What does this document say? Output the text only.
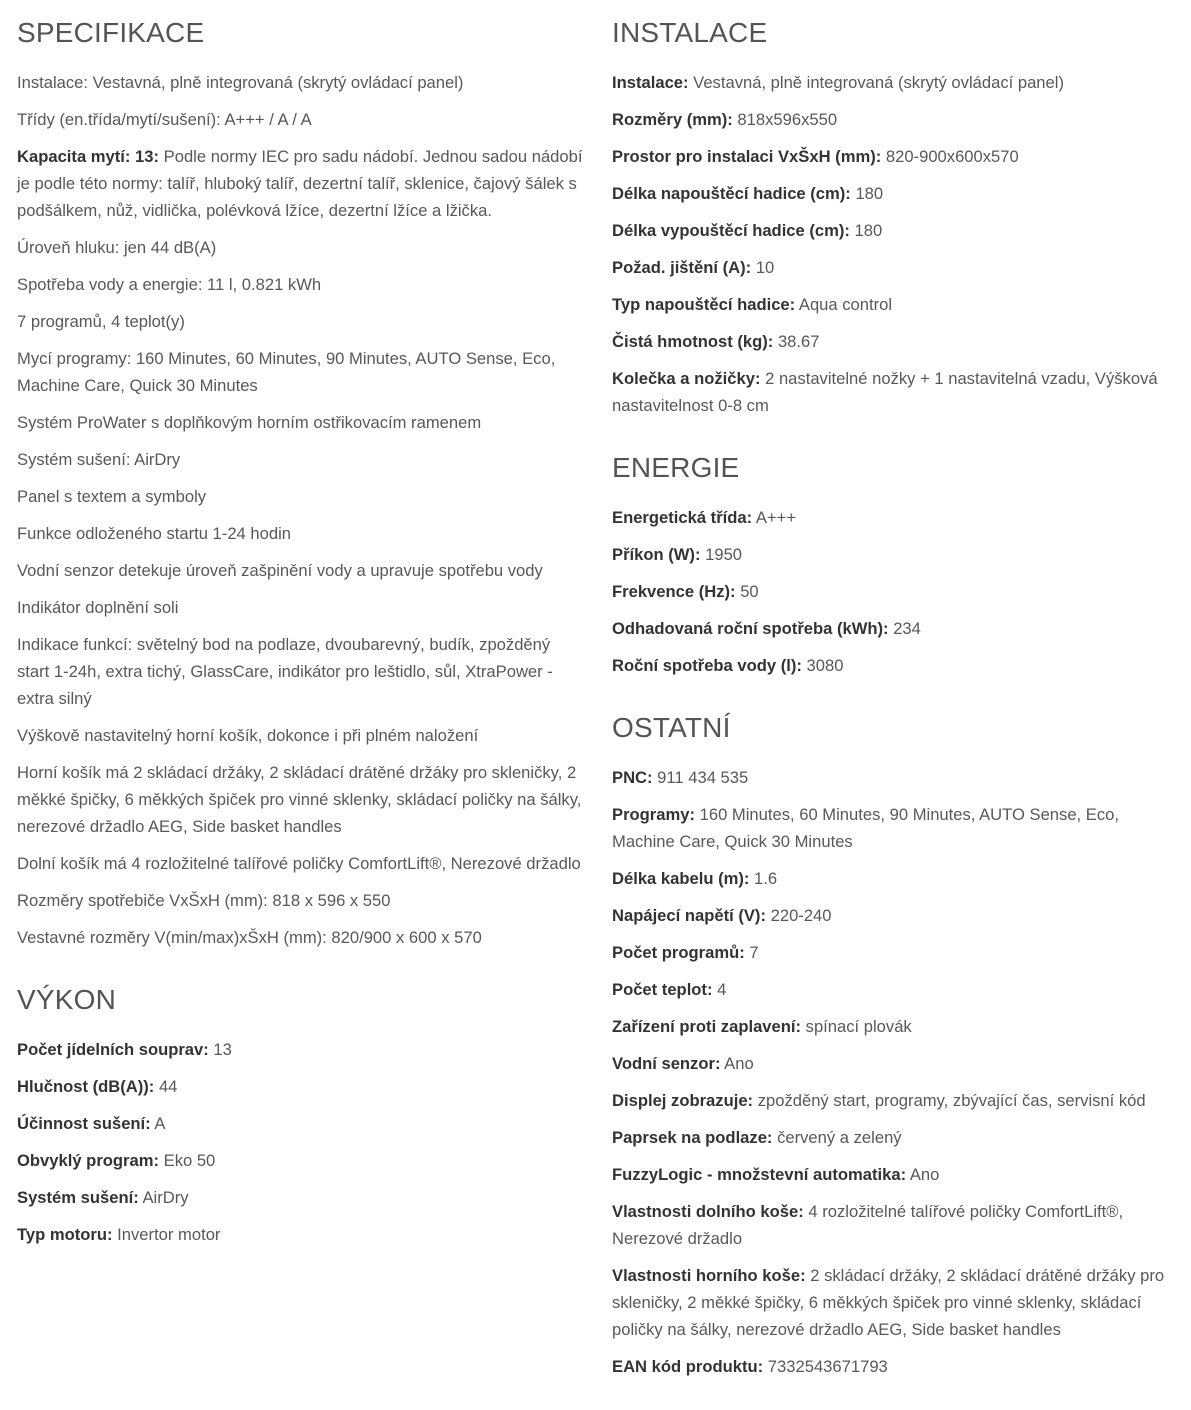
SPECIFIKACE
Instalace: Vestavná, plně integrovaná (skrytý ovládací panel)
Třídy (en.třída/mytí/sušení): A+++ / A / A
Kapacita mytí: 13: Podle normy IEC pro sadu nádobí. Jednou sadou nádobí je podle této normy: talíř, hluboký talíř, dezertní talíř, sklenice, čajový šálek s podšálkem, nůž, vidlička, polévková lžíce, dezertní lžíce a lžička.
Úroveň hluku: jen 44 dB(A)
Spotřeba vody a energie: 11 l, 0.821 kWh
7 programů, 4 teplot(y)
Mycí programy: 160 Minutes, 60 Minutes, 90 Minutes, AUTO Sense, Eco, Machine Care, Quick 30 Minutes
Systém ProWater s doplňkovým horním ostřikovacím ramenem
Systém sušení: AirDry
Panel s textem a symboly
Funkce odloženého startu 1-24 hodin
Vodní senzor detekuje úroveň zašpinění vody a upravuje spotřebu vody
Indikátor doplnění soli
Indikace funkcí: světelný bod na podlaze, dvoubarevný, budík, zpožděný start 1-24h, extra tichý, GlassCare, indikátor pro leštidlo, sůl, XtraPower - extra silný
Výškově nastavitelný horní košík, dokonce i při plném naložení
Horní košík má 2 skládací držáky, 2 skládací drátěné držáky pro skleničky, 2 měkké špičky, 6 měkkých špiček pro vinné sklenky, skládací poličky na šálky, nerezové držadlo AEG, Side basket handles
Dolní košík má 4 rozložitelné talířové poličky ComfortLift®, Nerezové držadlo
Rozměry spotřebiče VxŠxH (mm): 818 x 596 x 550
Vestavné rozměry V(min/max)xŠxH (mm): 820/900 x 600 x 570
VÝKON
Počet jídelních souprav: 13
Hlučnost (dB(A)): 44
Účinnost sušení: A
Obvyklý program: Eko 50
Systém sušení: AirDry
Typ motoru: Invertor motor
INSTALACE
Instalace: Vestavná, plně integrovaná (skrytý ovládací panel)
Rozměry (mm): 818x596x550
Prostor pro instalaci VxŠxH (mm): 820-900x600x570
Délka napouštěcí hadice (cm): 180
Délka vypouštěcí hadice (cm): 180
Požad. jištění (A): 10
Typ napouštěcí hadice: Aqua control
Čistá hmotnost (kg): 38.67
Kolečka a nožičky: 2 nastavitelné nožky + 1 nastavitelná vzadu, Výšková nastavitelnost 0-8 cm
ENERGIE
Energetická třída: A+++
Příkon (W): 1950
Frekvence (Hz): 50
Odhadovaná roční spotřeba (kWh): 234
Roční spotřeba vody (l): 3080
OSTATNÍ
PNC: 911 434 535
Programy: 160 Minutes, 60 Minutes, 90 Minutes, AUTO Sense, Eco, Machine Care, Quick 30 Minutes
Délka kabelu (m): 1.6
Napájecí napětí (V): 220-240
Počet programů: 7
Počet teplot: 4
Zařízení proti zaplavení: spínací plovák
Vodní senzor: Ano
Displej zobrazuje: zpožděný start, programy, zbývající čas, servisní kód
Paprsek na podlaze: červený a zelený
FuzzyLogic - množstevní automatika: Ano
Vlastnosti dolního koše: 4 rozložitelné talířové poličky ComfortLift®, Nerezové držadlo
Vlastnosti horního koše: 2 skládací držáky, 2 skládací drátěné držáky pro skleničky, 2 měkké špičky, 6 měkkých špiček pro vinné sklenky, skládací poličky na šálky, nerezové držadlo AEG, Side basket handles
EAN kód produktu: 7332543671793
